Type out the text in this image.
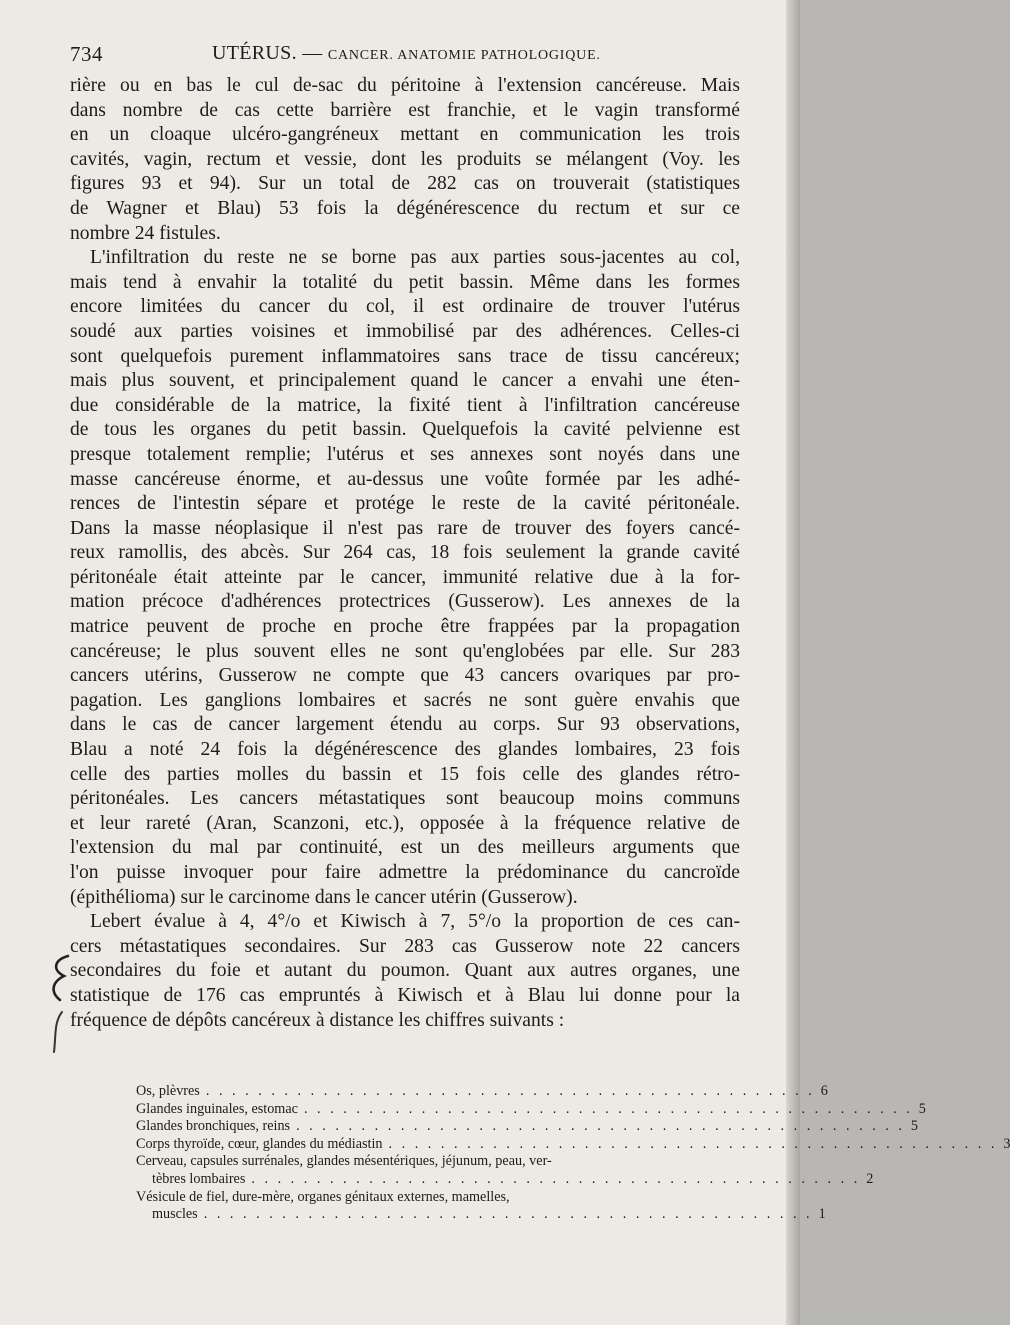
734	UTÉRUS. — CANCER. ANATOMIE PATHOLOGIQUE.
rière ou en bas le cul de-sac du péritoine à l'extension cancéreuse. Mais
dans nombre de cas cette barrière est franchie, et le vagin transformé
en un cloaque ulcéro-gangréneux mettant en communication les trois
cavités, vagin, rectum et vessie, dont les produits se mélangent (Voy. les
figures 93 et 94). Sur un total de 282 cas on trouverait (statistiques
de Wagner et Blau) 53 fois la dégénérescence du rectum et sur ce
nombre 24 fistules.
L'infiltration du reste ne se borne pas aux parties sous-jacentes au col,
mais tend à envahir la totalité du petit bassin. Même dans les formes
encore limitées du cancer du col, il est ordinaire de trouver l'utérus
soudé aux parties voisines et immobilisé par des adhérences. Celles-ci
sont quelquefois purement inflammatoires sans trace de tissu cancéreux;
mais plus souvent, et principalement quand le cancer a envahi une éten-
due considérable de la matrice, la fixité tient à l'infiltration cancéreuse
de tous les organes du petit bassin. Quelquefois la cavité pelvienne est
presque totalement remplie; l'utérus et ses annexes sont noyés dans une
masse cancéreuse énorme, et au-dessus une voûte formée par les adhé-
rences de l'intestin sépare et protége le reste de la cavité péritonéale.
Dans la masse néoplasique il n'est pas rare de trouver des foyers cancé-
reux ramollis, des abcès. Sur 264 cas, 18 fois seulement la grande cavité
péritonéale était atteinte par le cancer, immunité relative due à la for-
mation précoce d'adhérences protectrices (Gusserow). Les annexes de la
matrice peuvent de proche en proche être frappées par la propagation
cancéreuse; le plus souvent elles ne sont qu'englobées par elle. Sur 283
cancers utérins, Gusserow ne compte que 43 cancers ovariques par pro-
pagation. Les ganglions lombaires et sacrés ne sont guère envahis que
dans le cas de cancer largement étendu au corps. Sur 93 observations,
Blau a noté 24 fois la dégénérescence des glandes lombaires, 23 fois
celle des parties molles du bassin et 15 fois celle des glandes rétro-
péritonéales. Les cancers métastatiques sont beaucoup moins communs
et leur rareté (Aran, Scanzoni, etc.), opposée à la fréquence relative de
l'extension du mal par continuité, est un des meilleurs arguments que
l'on puisse invoquer pour faire admettre la prédominance du cancroïde
(épithélioma) sur le carcinome dans le cancer utérin (Gusserow).
Lebert évalue à 4, 4°/o et Kiwisch à 7, 5°/o la proportion de ces can-
cers métastatiques secondaires. Sur 283 cas Gusserow note 22 cancers
secondaires du foie et autant du poumon. Quant aux autres organes, une
statistique de 176 cas empruntés à Kiwisch et à Blau lui donne pour la
fréquence de dépôts cancéreux à distance les chiffres suivants :
Os, plèvres . . . . . . . . . . . . . . . . . . . . . . . . . . . . . . . . . . . . . . . . . . . . . . . 6
Glandes inguinales, estomac . . . . . . . . . . . . . . . . . . . . . . . . . . . . . . . . . . . . . . . . . . . . . . . 5
Glandes bronchiques, reins . . . . . . . . . . . . . . . . . . . . . . . . . . . . . . . . . . . . . . . . . . . . . . . 5
Corps thyroïde, cœur, glandes du médiastin . . . . . . . . . . . . . . . . . . . . . . . . . . . . . . . . . . . . . . . . . . . . . . . 3
Cerveau, capsules surrénales, glandes mésentériques, jéjunum, peau, ver-
tèbres lombaires . . . . . . . . . . . . . . . . . . . . . . . . . . . . . . . . . . . . . . . . . . . . . . . 2
Vésicule de fiel, dure-mère, organes génitaux externes, mamelles,
muscles . . . . . . . . . . . . . . . . . . . . . . . . . . . . . . . . . . . . . . . . . . . . . . . 1
